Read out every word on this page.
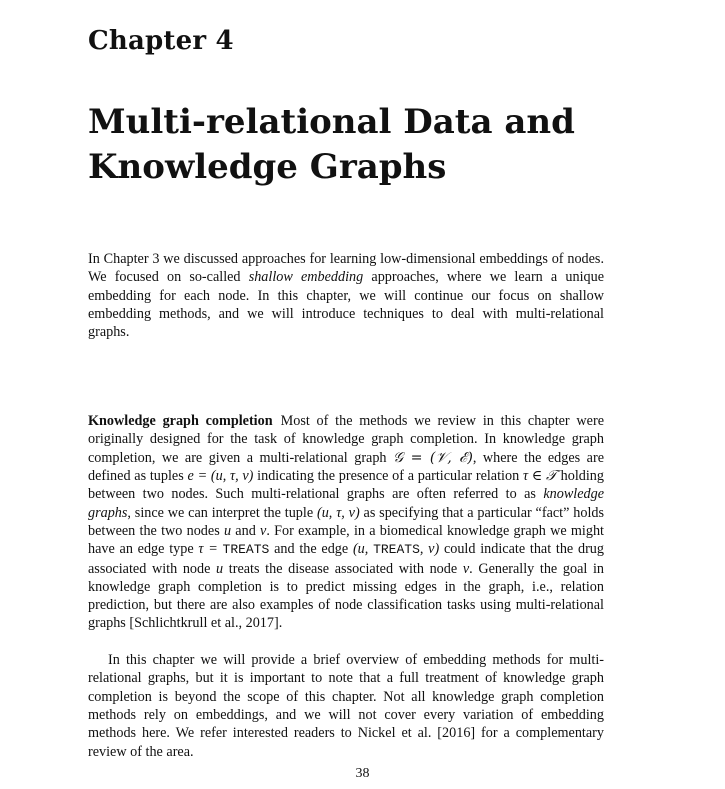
Chapter 4
Multi-relational Data and
Knowledge Graphs

In Chapter 3 we discussed approaches for learning low-dimensional embeddings of nodes. We focused on so-called shallow embedding approaches, where we learn a unique embedding for each node. In this chapter, we will continue our focus on shallow embedding methods, and we will introduce techniques to deal with multi-relational graphs.

Knowledge graph completion Most of the methods we review in this chapter were originally designed for the task of knowledge graph completion. In knowledge graph completion, we are given a multi-relational graph 𝒢 = (𝒱, ℰ), where the edges are defined as tuples e = (u, τ, v) indicating the presence of a particular relation τ ∈ 𝒯 holding between two nodes. Such multi-relational graphs are often referred to as knowledge graphs, since we can interpret the tuple (u, τ, v) as specifying that a particular “fact” holds between the two nodes u and v. For example, in a biomedical knowledge graph we might have an edge type τ = TREATS and the edge (u, TREATS, v) could indicate that the drug associated with node u treats the disease associated with node v. Generally the goal in knowledge graph completion is to predict missing edges in the graph, i.e., relation prediction, but there are also examples of node classification tasks using multi-relational graphs [Schlichtkrull et al., 2017].

In this chapter we will provide a brief overview of embedding methods for multi-relational graphs, but it is important to note that a full treatment of knowledge graph completion is beyond the scope of this chapter. Not all knowledge graph completion methods rely on embeddings, and we will not cover every variation of embedding methods here. We refer interested readers to Nickel et al. [2016] for a complementary review of the area.

38
